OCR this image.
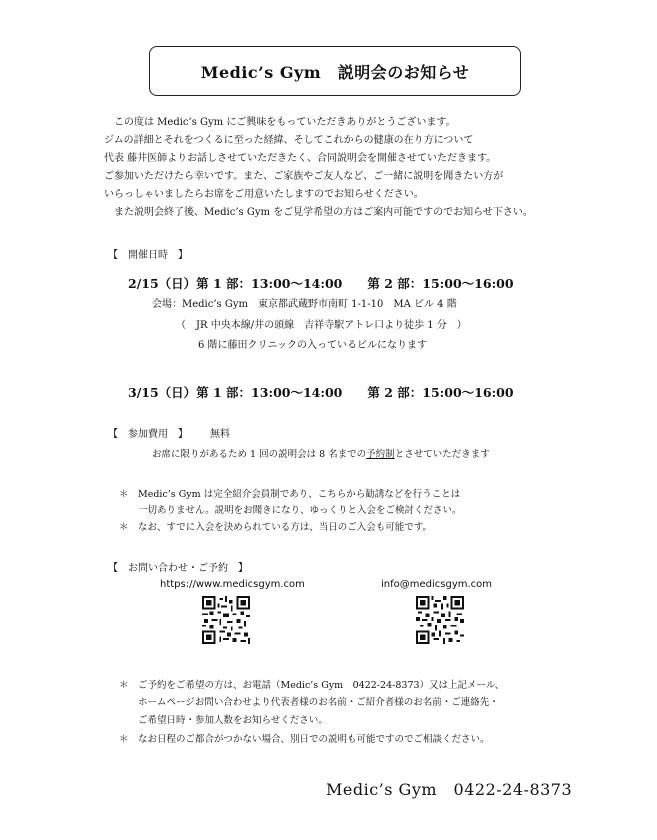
Medic’s Gym　説明会のお知らせ
　この度は Medic’s Gym にご興味をもっていただきありがとうございます。
ジムの詳細とそれをつくるに至った経緯、そしてこれからの健康の在り方について
代表 藤井医師よりお話しさせていただきたく、合同説明会を開催させていただきます。
ご参加いただけたら幸いです。また、ご家族やご友人など、ご一緒に説明を聞きたい方が
いらっしゃいましたらお席をご用意いたしますのでお知らせください。
　また説明会終了後、Medic’s Gym をご見学希望の方はご案内可能ですのでお知らせ下さい。
【　開催日時　】
2/15（日）第 1 部：13:00〜14:00　　第 2 部：15:00〜16:00
会場：Medic’s Gym　東京都武蔵野市南町 1-1-10　MA ビル 4 階
（　JR 中央本線/井の頭線　吉祥寺駅アトレ口より徒歩 1 分　）
6 階に藤田クリニックの入っているビルになります
3/15（日）第 1 部：13:00〜14:00　　第 2 部：15:00〜16:00
【　参加費用　】 無料
お席に限りがあるため 1 回の説明会は 8 名までの予約制とさせていただきます
＊　Medic’s Gym は完全紹介会員制であり、こちらから勧誘などを行うことは
　　一切ありません。説明をお聞きになり、ゆっくりと入会をご検討ください。
＊　なお、すでに入会を決められている方は、当日のご入会も可能です。
【　お問い合わせ・ご予約　】
https://www.medicsgym.com	info@medicsgym.com
＊　ご予約をご希望の方は、お電話（Medic’s Gym　0422-24-8373）又は上記メール、
　　ホームページお問い合わせより代表者様のお名前・ご紹介者様のお名前・ご連絡先・
　　ご希望日時・参加人数をお知らせください。
＊　なお日程のご都合がつかない場合、別日での説明も可能ですのでご相談ください。
Medic’s Gym　0422-24-8373
